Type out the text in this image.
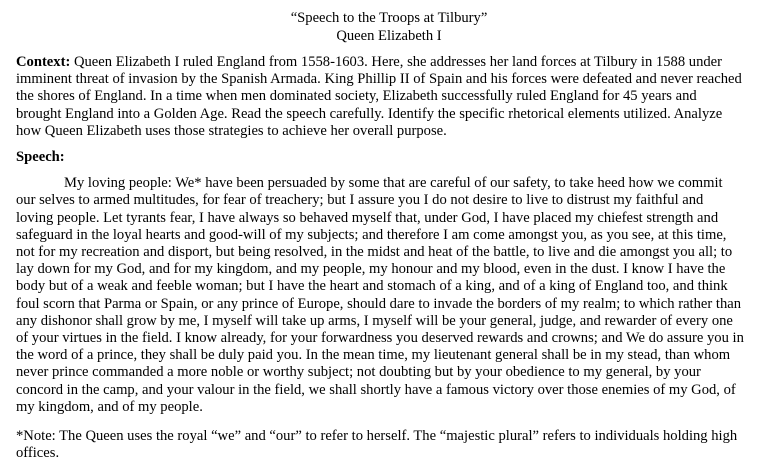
“Speech to the Troops at Tilbury”
Queen Elizabeth I

Context: Queen Elizabeth I ruled England from 1558-1603. Here, she addresses her land forces at Tilbury in 1588 under imminent threat of invasion by the Spanish Armada. King Phillip II of Spain and his forces were defeated and never reached the shores of England. In a time when men dominated society, Elizabeth successfully ruled England for 45 years and brought England into a Golden Age. Read the speech carefully. Identify the specific rhetorical elements utilized. Analyze how Queen Elizabeth uses those strategies to achieve her overall purpose.

Speech:

My loving people: We* have been persuaded by some that are careful of our safety, to take heed how we commit our selves to armed multitudes, for fear of treachery; but I assure you I do not desire to live to distrust my faithful and loving people. Let tyrants fear, I have always so behaved myself that, under God, I have placed my chiefest strength and safeguard in the loyal hearts and good-will of my subjects; and therefore I am come amongst you, as you see, at this time, not for my recreation and disport, but being resolved, in the midst and heat of the battle, to live and die amongst you all; to lay down for my God, and for my kingdom, and my people, my honour and my blood, even in the dust. I know I have the body but of a weak and feeble woman; but I have the heart and stomach of a king, and of a king of England too, and think foul scorn that Parma or Spain, or any prince of Europe, should dare to invade the borders of my realm; to which rather than any dishonor shall grow by me, I myself will take up arms, I myself will be your general, judge, and rewarder of every one of your virtues in the field. I know already, for your forwardness you deserved rewards and crowns; and We do assure you in the word of a prince, they shall be duly paid you. In the mean time, my lieutenant general shall be in my stead, than whom never prince commanded a more noble or worthy subject; not doubting but by your obedience to my general, by your concord in the camp, and your valour in the field, we shall shortly have a famous victory over those enemies of my God, of my kingdom, and of my people.

*Note: The Queen uses the royal “we” and “our” to refer to herself. The “majestic plural” refers to individuals holding high offices.
